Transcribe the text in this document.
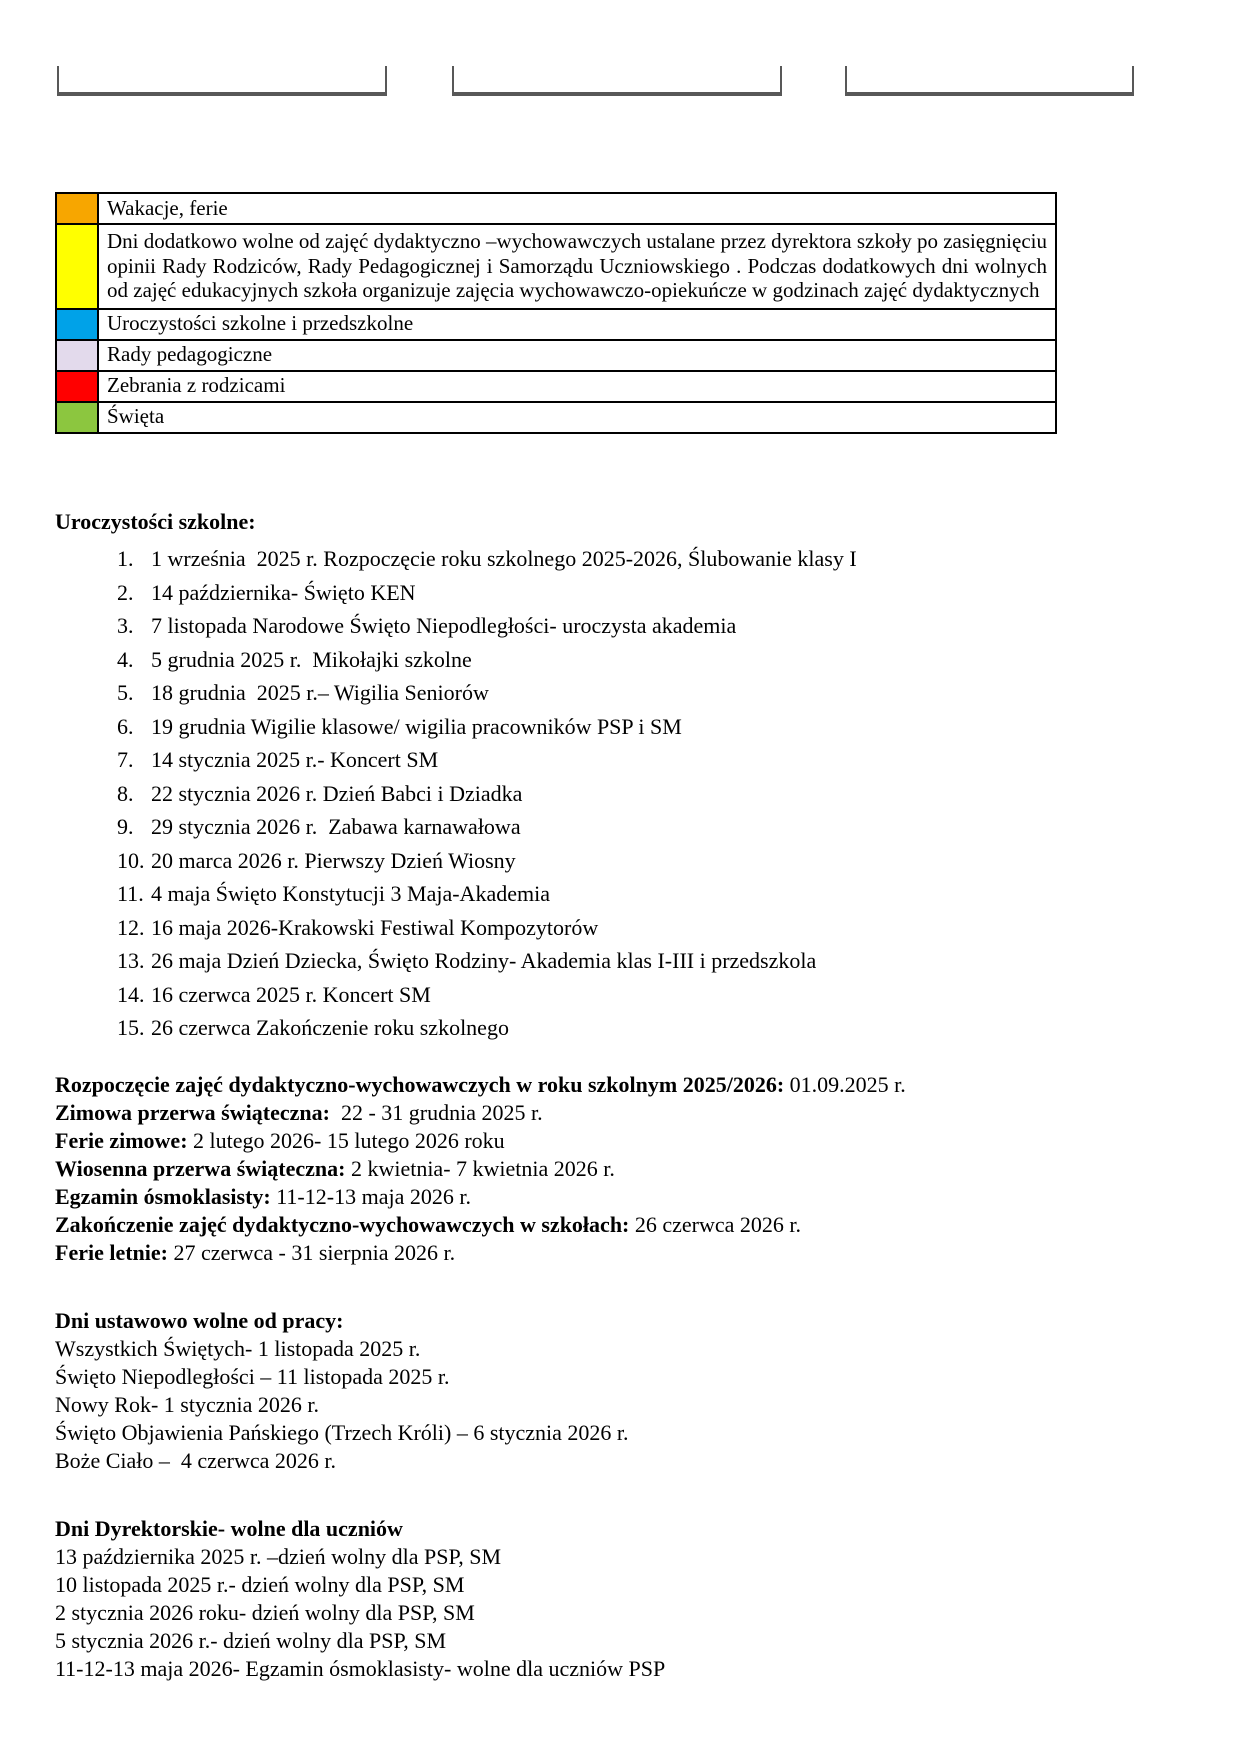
	Wakacje, ferie
	Dni dodatkowo wolne od zajęć dydaktyczno –wychowawczych ustalane przez dyrektora szkoły po zasięgnięciu opinii Rady Rodziców, Rady Pedagogicznej i Samorządu Uczniowskiego . Podczas dodatkowych dni wolnych od zajęć edukacyjnych szkoła organizuje zajęcia wychowawczo-opiekuńcze w godzinach zajęć dydaktycznych
	Uroczystości szkolne i przedszkolne
	Rady pedagogiczne
	Zebrania z rodzicami
	Święta

Uroczystości szkolne:

1 września  2025 r. Rozpoczęcie roku szkolnego 2025-2026, Ślubowanie klasy I
14 października- Święto KEN
7 listopada Narodowe Święto Niepodległości- uroczysta akademia
5 grudnia 2025 r.  Mikołajki szkolne
18 grudnia  2025 r.– Wigilia Seniorów
19 grudnia Wigilie klasowe/ wigilia pracowników PSP i SM
14 stycznia 2025 r.- Koncert SM
22 stycznia 2026 r. Dzień Babci i Dziadka
29 stycznia 2026 r.  Zabawa karnawałowa
20 marca 2026 r. Pierwszy Dzień Wiosny
4 maja Święto Konstytucji 3 Maja-Akademia
16 maja 2026-Krakowski Festiwal Kompozytorów
26 maja Dzień Dziecka, Święto Rodziny- Akademia klas I-III i przedszkola
16 czerwca 2025 r. Koncert SM
26 czerwca Zakończenie roku szkolnego
Rozpoczęcie zajęć dydaktyczno-wychowawczych w roku szkolnym 2025/2026: 01.09.2025 r.
Zimowa przerwa świąteczna:  22 - 31 grudnia 2025 r.
Ferie zimowe: 2 lutego 2026- 15 lutego 2026 roku
Wiosenna przerwa świąteczna: 2 kwietnia- 7 kwietnia 2026 r.
Egzamin ósmoklasisty: 11-12-13 maja 2026 r.
Zakończenie zajęć dydaktyczno-wychowawczych w szkołach: 26 czerwca 2026 r.
Ferie letnie: 27 czerwca - 31 sierpnia 2026 r.

Dni ustawowo wolne od pracy:

Wszystkich Świętych- 1 listopada 2025 r.
Święto Niepodległości – 11 listopada 2025 r.
Nowy Rok- 1 stycznia 2026 r.
Święto Objawienia Pańskiego (Trzech Króli) – 6 stycznia 2026 r.
Boże Ciało –  4 czerwca 2026 r.

Dni Dyrektorskie- wolne dla uczniów

13 października 2025 r. –dzień wolny dla PSP, SM
10 listopada 2025 r.- dzień wolny dla PSP, SM
2 stycznia 2026 roku- dzień wolny dla PSP, SM
5 stycznia 2026 r.- dzień wolny dla PSP, SM
11-12-13 maja 2026- Egzamin ósmoklasisty- wolne dla uczniów PSP
